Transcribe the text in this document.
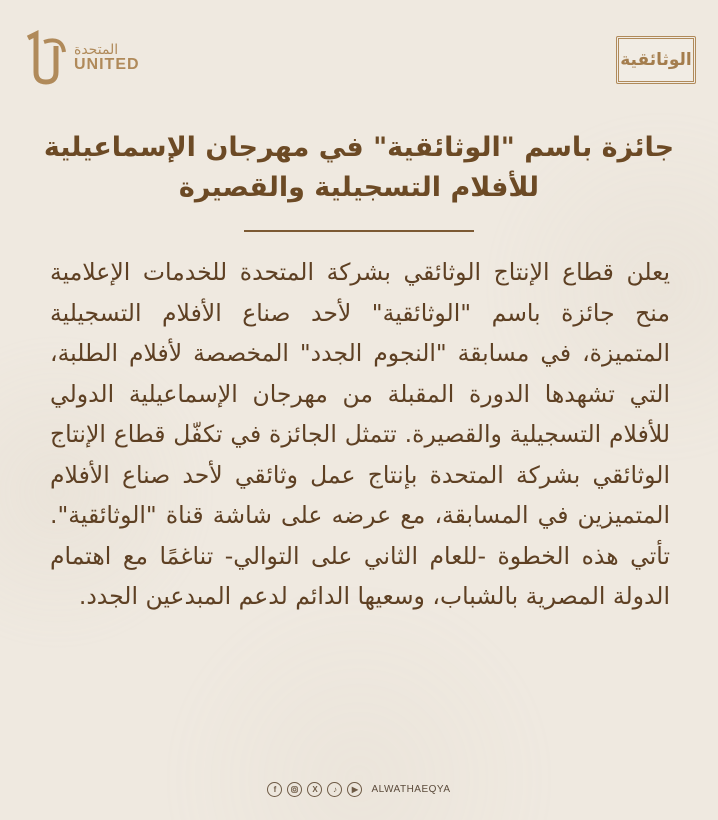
المتحدة
UNITED	الوثائقية
جائزة باسم "الوثائقية" في مهرجان الإسماعيلية
للأفلام التسجيلية والقصيرة

يعلن قطاع الإنتاج الوثائقي بشركة المتحدة للخدمات الإعلامية منح جائزة باسم "الوثائقية" لأحد صناع الأفلام التسجيلية المتميزة، في مسابقة "النجوم الجدد" المخصصة لأفلام الطلبة، التي تشهدها الدورة المقبلة من مهرجان الإسماعيلية الدولي للأفلام التسجيلية والقصيرة. تتمثل الجائزة في تكفّل قطاع الإنتاج الوثائقي بشركة المتحدة بإنتاج عمل وثائقي لأحد صناع الأفلام المتميزين في المسابقة، مع عرضه على شاشة قناة "الوثائقية". تأتي هذه الخطوة -للعام الثاني على التوالي- تناغمًا مع اهتمام الدولة المصرية بالشباب، وسعيها الدائم لدعم المبدعين الجدد.

f	X	♪	▶	ALWATHAEQYA
